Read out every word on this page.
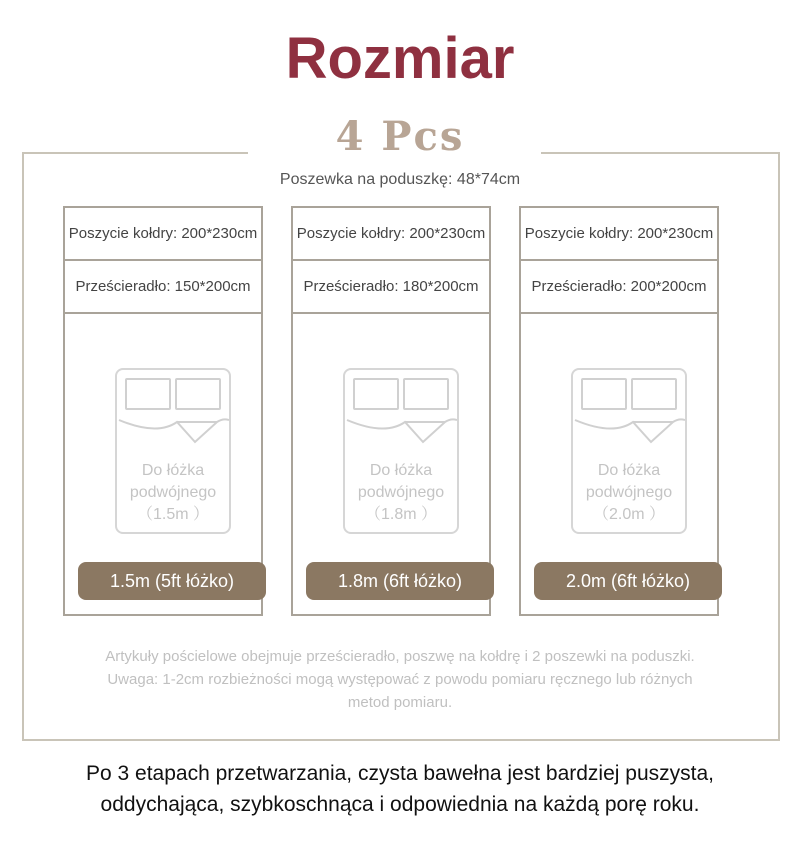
Rozmiar
4 Pcs
Poszewka na poduszkę: 48*74cm
Poszycie kołdry: 200*230cm
Prześcieradło: 150*200cm
Do łóżka
podwójnego
（1.5m ）
1.5m (5ft łóżko)
Poszycie kołdry: 200*230cm
Prześcieradło: 180*200cm
Do łóżka
podwójnego
（1.8m ）
1.8m (6ft łóżko)
Poszycie kołdry: 200*230cm
Prześcieradło: 200*200cm
Do łóżka
podwójnego
（2.0m ）
2.0m (6ft łóżko)
Artykuły pościelowe obejmuje prześcieradło, poszwę na kołdrę i 2 poszewki na poduszki.
Uwaga: 1-2cm rozbieżności mogą występować z powodu pomiaru ręcznego lub różnych
metod pomiaru.
Po 3 etapach przetwarzania, czysta bawełna jest bardziej puszysta,
oddychająca, szybkoschnąca i odpowiednia na każdą porę roku.
